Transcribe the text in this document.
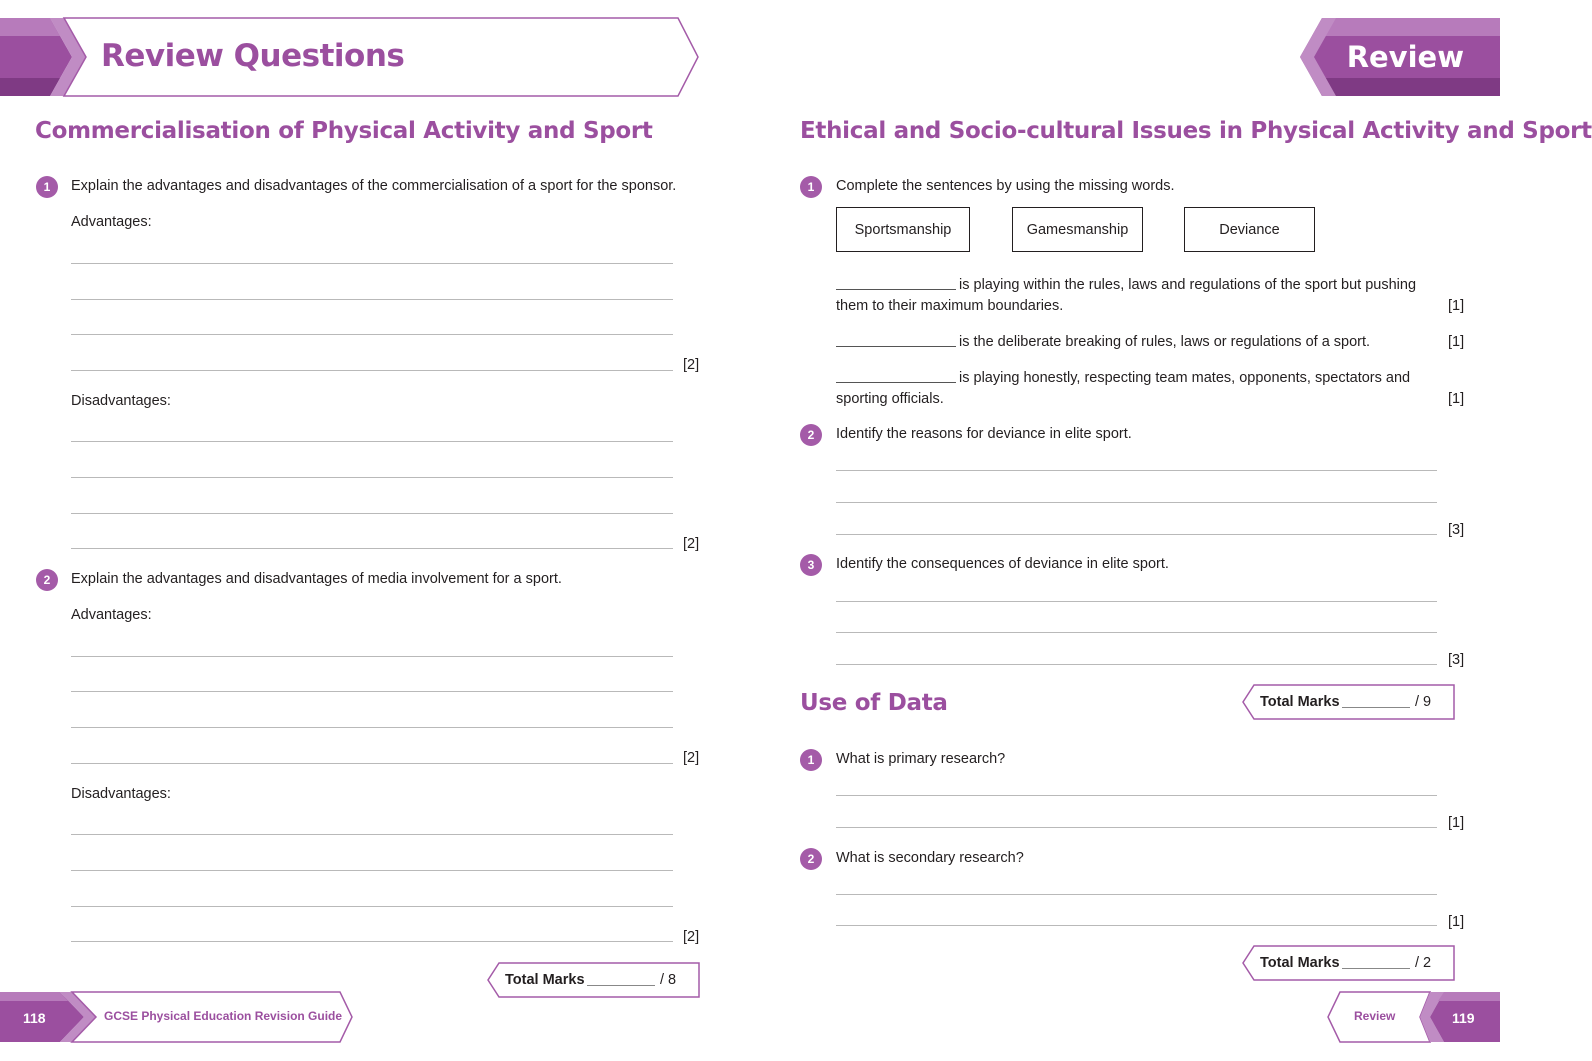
Review Questions	Review
Commercialisation of Physical Activity and Sport
1	Explain the advantages and disadvantages of the commercialisation of a sport for the sponsor.
Advantages:
[2]
Disadvantages:
[2]
2	Explain the advantages and disadvantages of media involvement for a sport.
Advantages:
[2]
Disadvantages:
[2]
Total Marks	/ 8
118	GCSE Physical Education Revision Guide
Ethical and Socio-cultural Issues in Physical Activity and Sport
1	Complete the sentences by using the missing words.
Sportsmanship	Gamesmanship	Deviance
is playing within the rules, laws and regulations of the sport but pushing
them to their maximum boundaries.	[1]
is the deliberate breaking of rules, laws or regulations of a sport.	[1]
is playing honestly, respecting team mates, opponents, spectators and
sporting officials.	[1]
2	Identify the reasons for deviance in elite sport.
[3]
3	Identify the consequences of deviance in elite sport.
[3]
Use of Data	Total Marks	/ 9
1	What is primary research?
[1]
2	What is secondary research?
[1]
Total Marks	/ 2
Review	119
